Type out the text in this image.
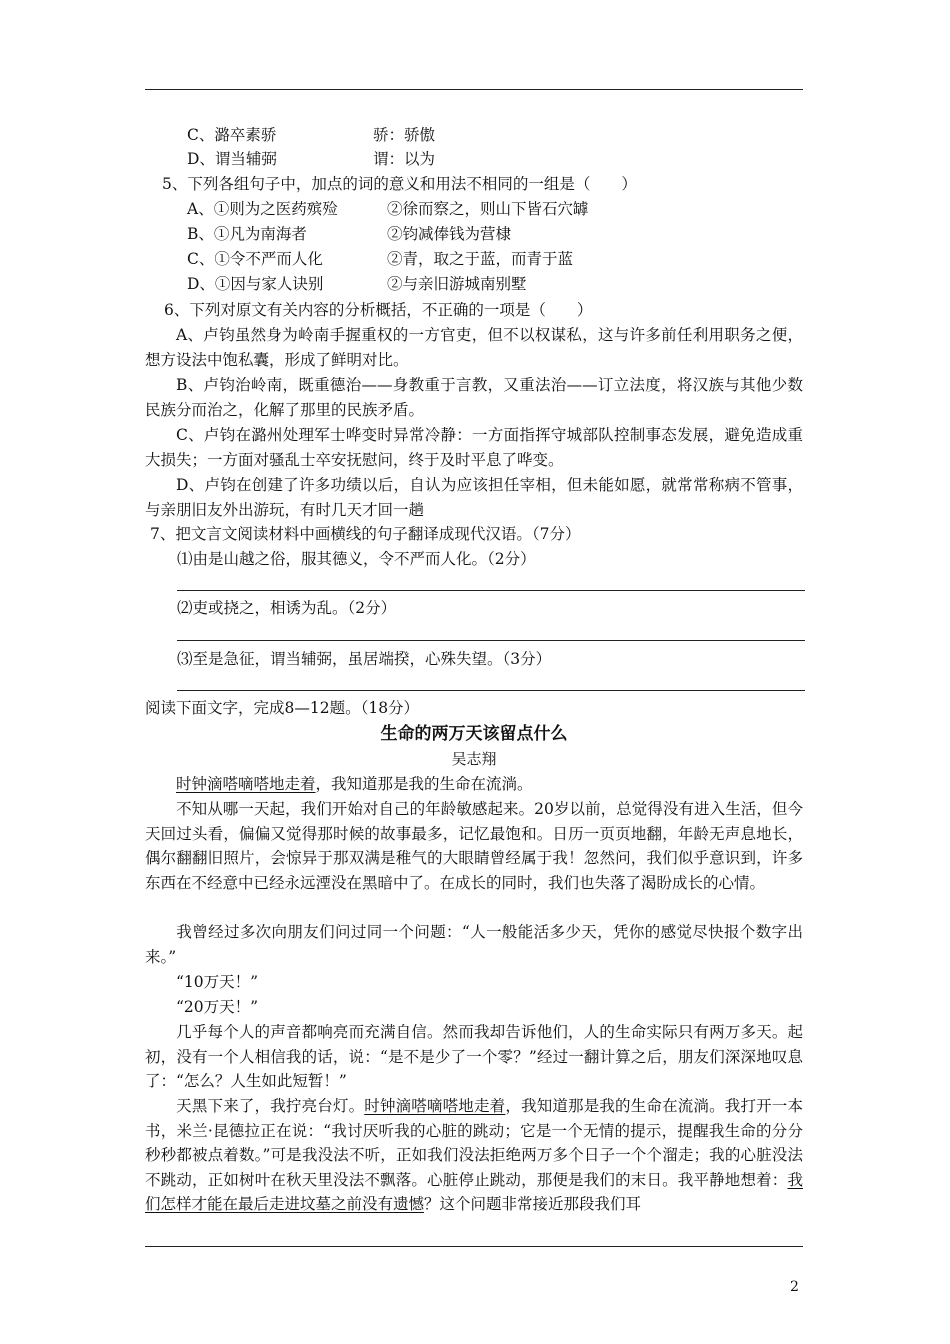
C、潞卒素骄	骄：骄傲
D、谓当辅弼	谓：以为
5、下列各组句子中，加点的词的意义和用法不相同的一组是（　　）
A、①则为之医药殡殓	②徐而察之，则山下皆石穴罅
B、①凡为南海者	②钧减俸钱为营棣
C、①令不严而人化	②青，取之于蓝，而青于蓝
D、①因与家人诀别	②与亲旧游城南别墅
6、下列对原文有关内容的分析概括，不正确的一项是（　　）
A、卢钧虽然身为岭南手握重权的一方官吏，但不以权谋私，这与许多前任利用职务之便，想方设法中饱私囊，形成了鲜明对比。
B、卢钧治岭南，既重德治——身教重于言教，又重法治——订立法度，将汉族与其他少数民族分而治之，化解了那里的民族矛盾。
C、卢钧在潞州处理军士哗变时异常冷静：一方面指挥守城部队控制事态发展，避免造成重大损失；一方面对骚乱士卒安抚慰问，终于及时平息了哗变。
D、卢钧在创建了许多功绩以后，自认为应该担任宰相，但未能如愿，就常常称病不管事，与亲朋旧友外出游玩，有时几天才回一趟
7、把文言文阅读材料中画横线的句子翻译成现代汉语。（7分）
⑴由是山越之俗，服其德义，令不严而人化。（2分）
⑵吏或挠之，相诱为乱。（2分）
⑶至是急征，谓当辅弼，虽居端揆，心殊失望。（3分）
阅读下面文字，完成8—12题。（18分）
生命的两万天该留点什么
吴志翔
时钟滴嗒嘀嗒地走着，我知道那是我的生命在流淌。
不知从哪一天起，我们开始对自己的年龄敏感起来。20岁以前，总觉得没有进入生活，但今天回过头看，偏偏又觉得那时候的故事最多，记忆最饱和。日历一页页地翻，年龄无声息地长，偶尔翻翻旧照片，会惊异于那双满是稚气的大眼睛曾经属于我！忽然问，我们似乎意识到，许多东西在不经意中已经永远湮没在黑暗中了。在成长的同时，我们也失落了渴盼成长的心情。
我曾经过多次向朋友们问过同一个问题：“人一般能活多少天，凭你的感觉尽快报个数字出来。”
“10万天！”
“20万天！”
几乎每个人的声音都响亮而充满自信。然而我却告诉他们，人的生命实际只有两万多天。起初，没有一个人相信我的话，说：“是不是少了一个零？”经过一翻计算之后，朋友们深深地叹息了：“怎么？人生如此短暂！”
天黑下来了，我拧亮台灯。时钟滴嗒嘀嗒地走着，我知道那是我的生命在流淌。我打开一本书，米兰·昆德拉正在说：“我讨厌听我的心脏的跳动；它是一个无情的提示，提醒我生命的分分秒秒都被点着数。”可是我没法不听，正如我们没法拒绝两万多个日子一个个溜走；我的心脏没法不跳动，正如树叶在秋天里没法不飘落。心脏停止跳动，那便是我们的末日。我平静地想着：我们怎样才能在最后走进坟墓之前没有遗憾？这个问题非常接近那段我们耳
2
